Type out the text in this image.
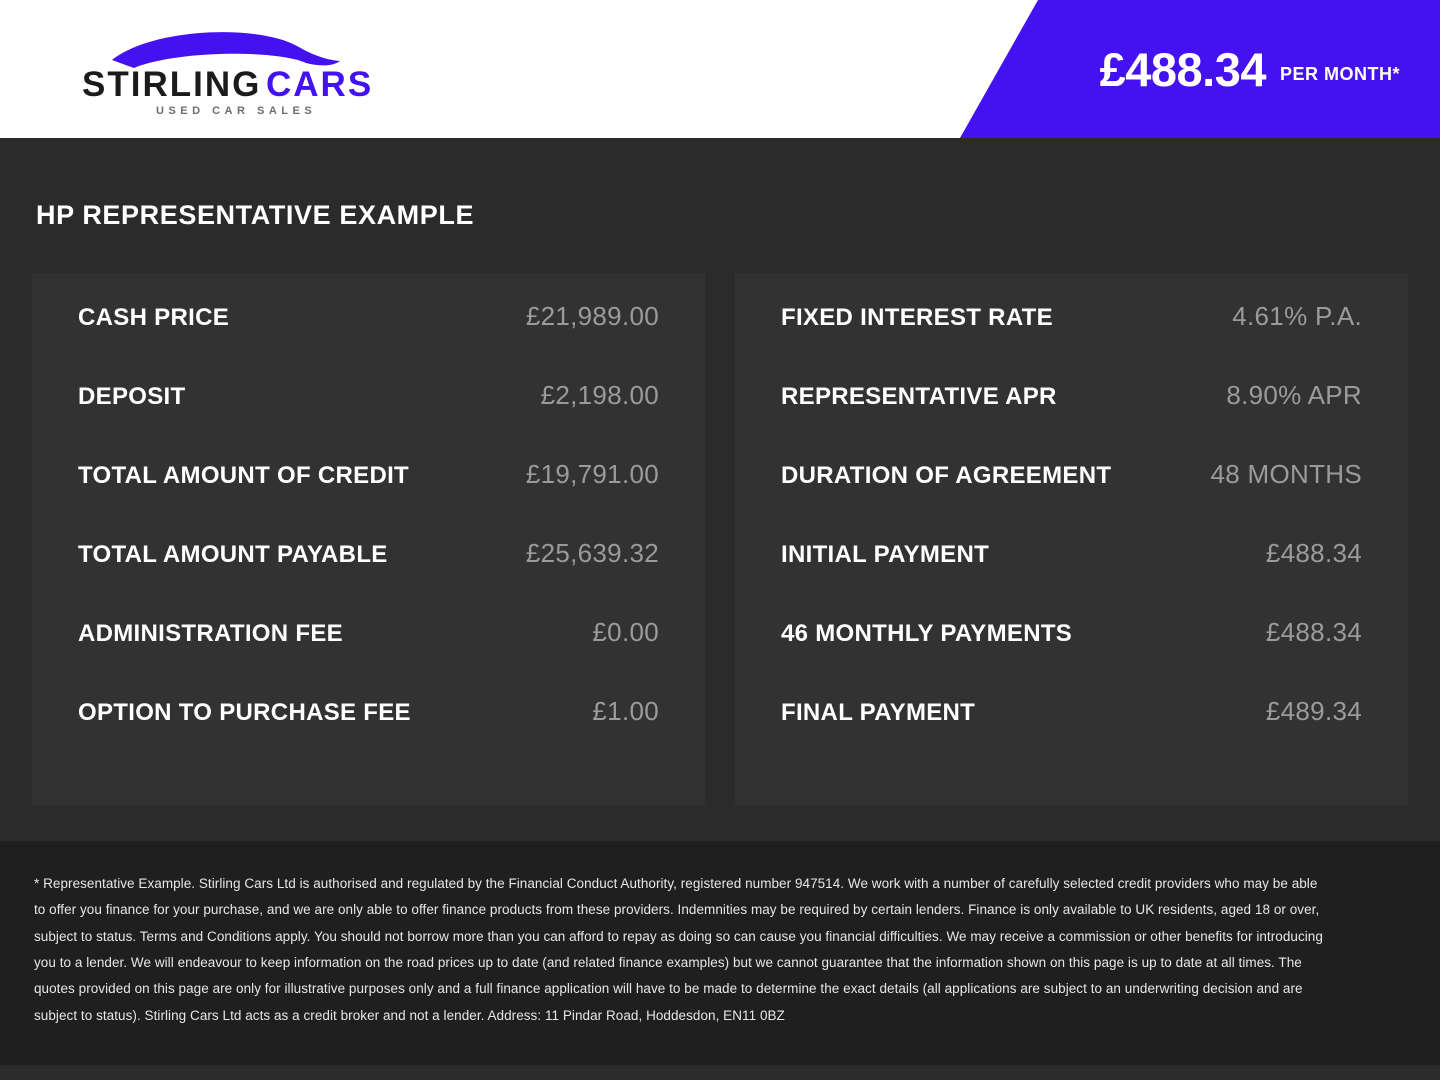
STIRLING CARS
USED CAR SALES
£488.34 PER MONTH*
HP REPRESENTATIVE EXAMPLE
CASH PRICE	£21,989.00
DEPOSIT	£2,198.00
TOTAL AMOUNT OF CREDIT	£19,791.00
TOTAL AMOUNT PAYABLE	£25,639.32
ADMINISTRATION FEE	£0.00
OPTION TO PURCHASE FEE	£1.00
FIXED INTEREST RATE	4.61% P.A.
REPRESENTATIVE APR	8.90% APR
DURATION OF AGREEMENT	48 MONTHS
INITIAL PAYMENT	£488.34
46 MONTHLY PAYMENTS	£488.34
FINAL PAYMENT	£489.34

* Representative Example. Stirling Cars Ltd is authorised and regulated by the Financial Conduct Authority, registered number 947514. We work with a number of carefully selected credit providers who may be able to offer you finance for your purchase, and we are only able to offer finance products from these providers. Indemnities may be required by certain lenders. Finance is only available to UK residents, aged 18 or over, subject to status. Terms and Conditions apply. You should not borrow more than you can afford to repay as doing so can cause you financial difficulties. We may receive a commission or other benefits for introducing you to a lender. We will endeavour to keep information on the road prices up to date (and related finance examples) but we cannot guarantee that the information shown on this page is up to date at all times. The quotes provided on this page are only for illustrative purposes only and a full finance application will have to be made to determine the exact details (all applications are subject to an underwriting decision and are subject to status). Stirling Cars Ltd acts as a credit broker and not a lender. Address: 11 Pindar Road, Hoddesdon, EN11 0BZ
